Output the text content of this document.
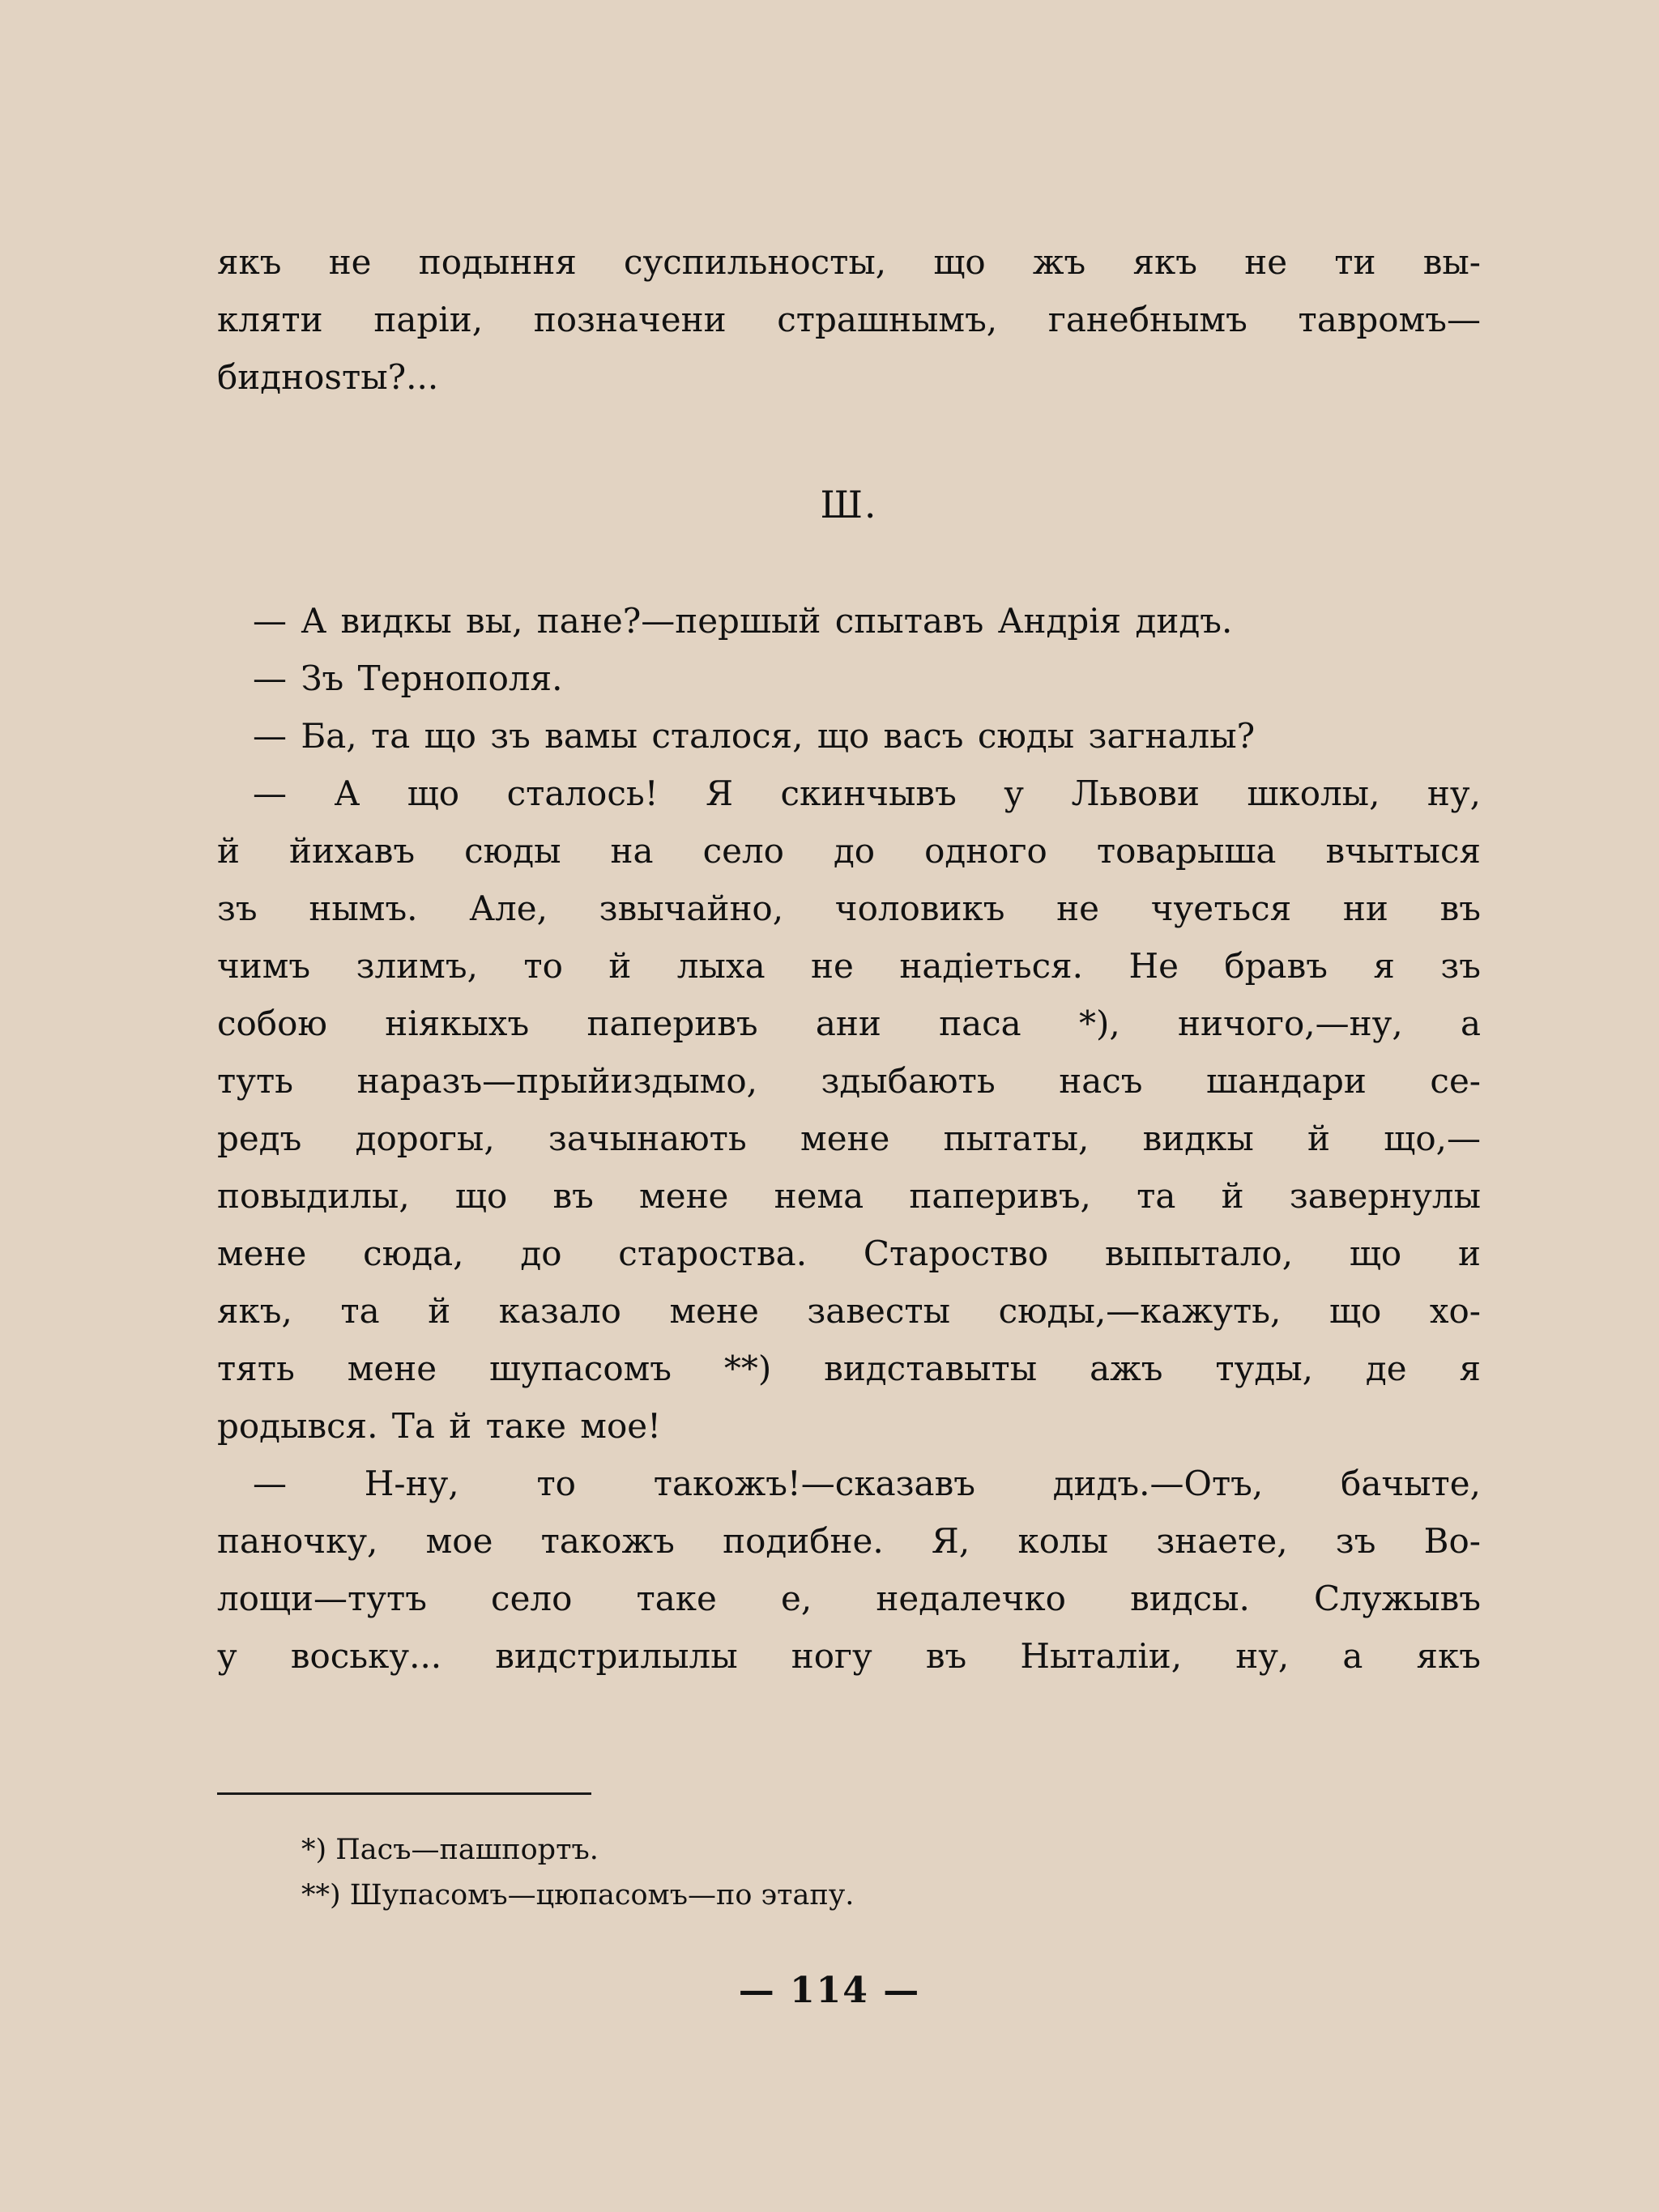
якъ не подыння суспильносты, що жъ якъ не ти вы-

кляти паріи, позначени страшнымъ, ганебнымъ тавромъ—

биднosты?...

Ш.

— А видкы вы, пане?—першый спытавъ Андрія дидъ.

— Зъ Тернополя.

— Ба, та що зъ вамы сталося, що васъ сюды загналы?

— А що сталось! Я скинчывъ у Львови школы, ну,

й йихавъ сюды на село до одного товарыша вчытыся

зъ нымъ. Але, звычайно, чоловикъ не чуеться ни въ

чимъ злимъ, то й лыха не надіеться. Не бравъ я зъ

собою ніякыхъ паперивъ ани паса *), ничого,—ну, а

туть наразъ—прыйиздымо, здыбають насъ шандари се-

редъ дорогы, зачынають мене пытаты, видкы й що,—

повыдилы, що въ мене нема паперивъ, та й завернулы

мене сюда, до староства. Староство выпытало, що и

якъ, та й казало мене завесты сюды,—кажуть, що хо-

тять мене шупасомъ **) видставыты ажъ туды, де я

родывся. Та й таке мое!

— Н-ну, то такожъ!—сказавъ дидъ.—Отъ, бачыте,

паночку, мое такожъ подибне. Я, колы знаете, зъ Во-

лощи—тутъ село таке е, недалечко видсы. Служывъ

у воську... видстрилылы ногу въ Ныталіи, ну, а якъ

*) Пасъ—пашпортъ.
**) Шупасомъ—цюпасомъ—по этапу.
— 114 —
